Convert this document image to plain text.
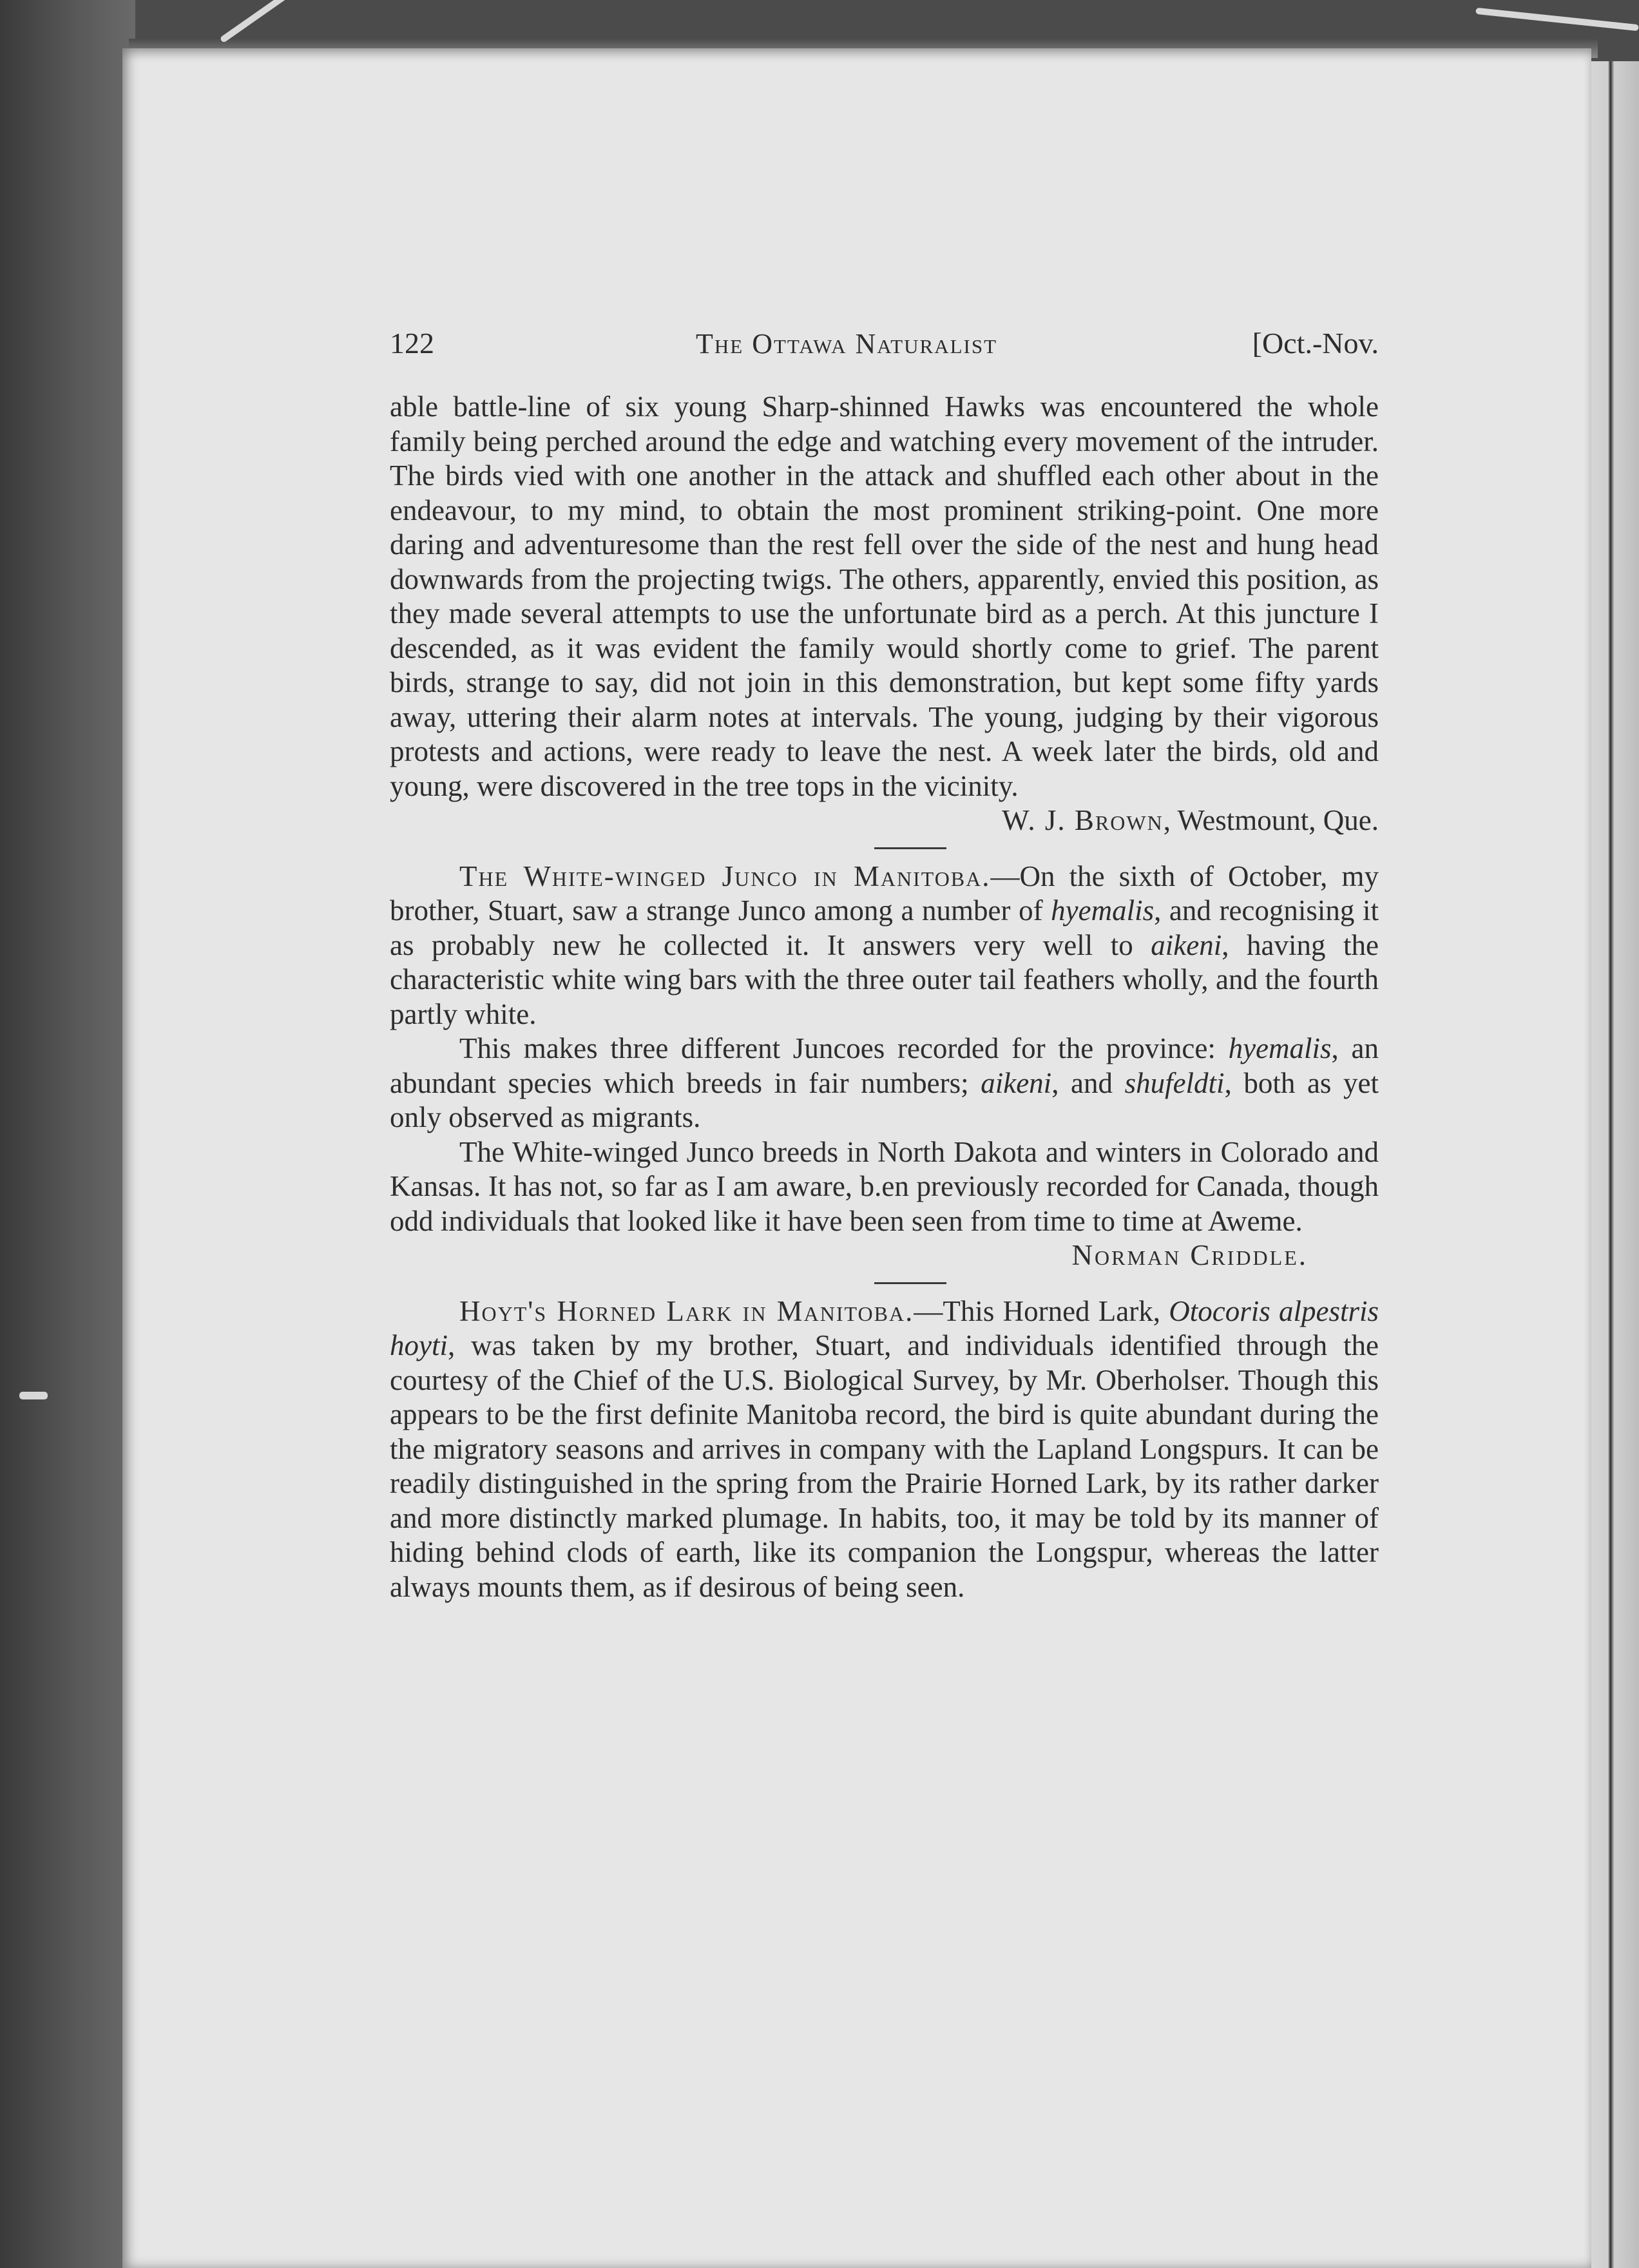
122	The Ottawa Naturalist	[Oct.-Nov.

able battle-line of six young Sharp-shinned Hawks was encountered the whole family being perched around the edge and watching every movement of the intruder. The birds vied with one another in the attack and shuffled each other about in the endeavour, to my mind, to obtain the most prominent striking-point. One more daring and adventuresome than the rest fell over the side of the nest and hung head downwards from the projecting twigs. The others, apparently, envied this position, as they made several attempts to use the unfortunate bird as a perch. At this juncture I descended, as it was evident the family would shortly come to grief. The parent birds, strange to say, did not join in this demonstration, but kept some fifty yards away, uttering their alarm notes at intervals. The young, judging by their vigorous protests and actions, were ready to leave the nest. A week later the birds, old and young, were discovered in the tree tops in the vicinity.

W. J. Brown, Westmount, Que.

The White-winged Junco in Manitoba.—On the sixth of October, my brother, Stuart, saw a strange Junco among a number of hyemalis, and recognising it as probably new he collected it. It answers very well to aikeni, having the characteristic white wing bars with the three outer tail feathers wholly, and the fourth partly white.

This makes three different Juncoes recorded for the province: hyemalis, an abundant species which breeds in fair numbers; aikeni, and shufeldti, both as yet only observed as migrants.

The White-winged Junco breeds in North Dakota and winters in Colorado and Kansas. It has not, so far as I am aware, b.en previously recorded for Canada, though odd individuals that looked like it have been seen from time to time at Aweme.

Norman Criddle.

Hoyt's Horned Lark in Manitoba.—This Horned Lark, Otocoris alpestris hoyti, was taken by my brother, Stuart, and individuals identified through the courtesy of the Chief of the U.S. Biological Survey, by Mr. Oberholser. Though this appears to be the first definite Manitoba record, the bird is quite abundant during the the migratory seasons and arrives in company with the Lapland Longspurs. It can be readily distinguished in the spring from the Prairie Horned Lark, by its rather darker and more distinctly marked plumage. In habits, too, it may be told by its manner of hiding behind clods of earth, like its companion the Longspur, whereas the latter always mounts them, as if desirous of being seen.
